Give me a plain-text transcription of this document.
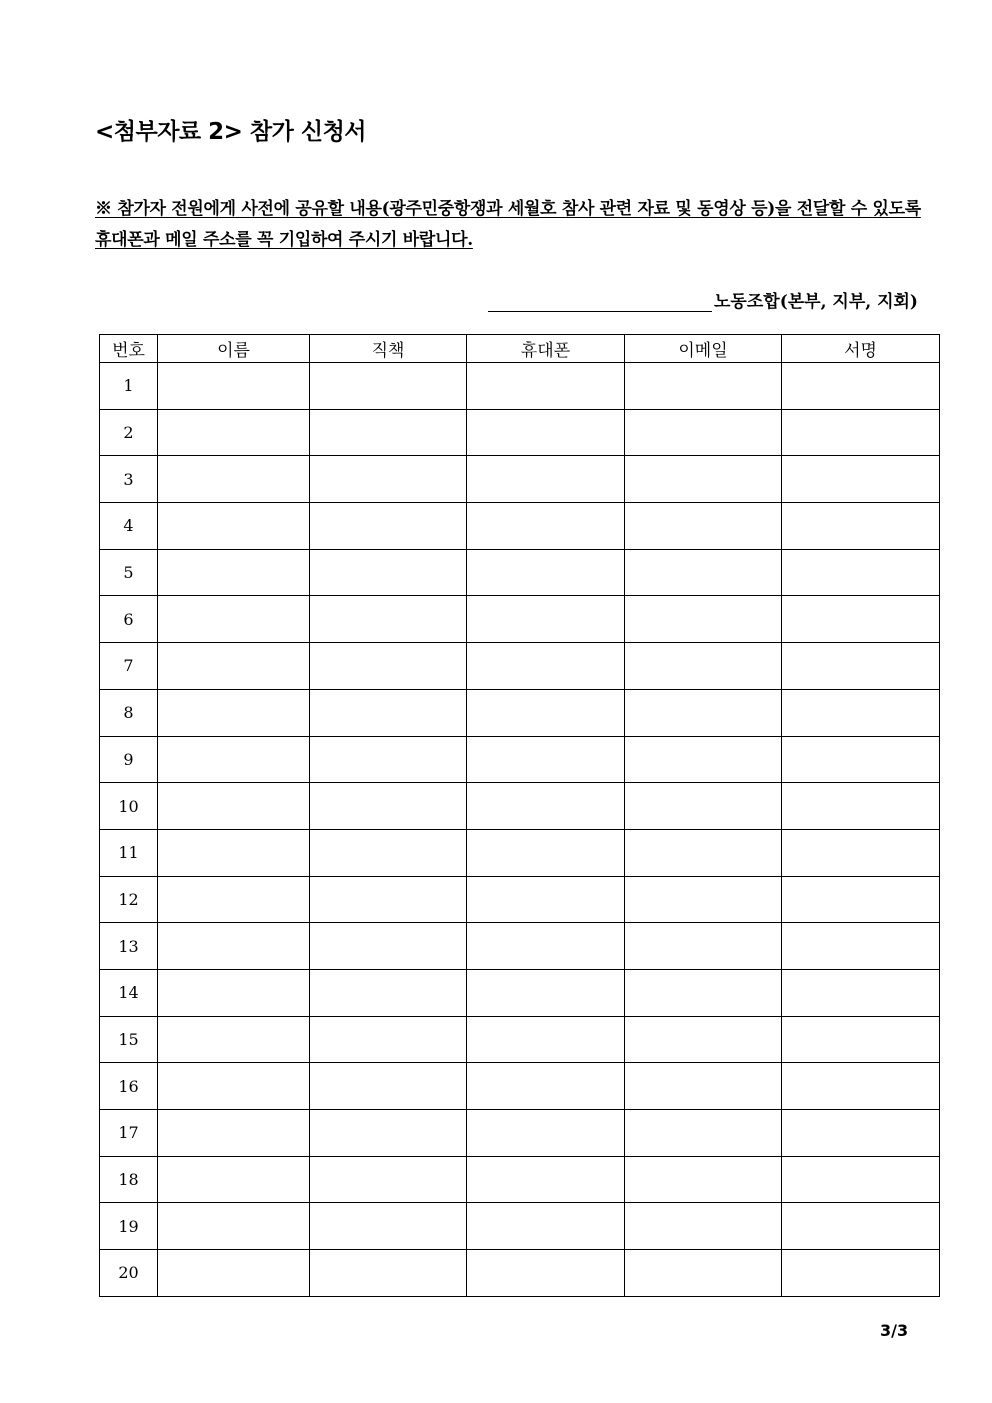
<첨부자료 2> 참가 신청서
※ 참가자 전원에게 사전에 공유할 내용(광주민중항쟁과 세월호 참사 관련 자료 및 동영상 등)을 전달할 수 있도록 휴대폰과 메일 주소를 꼭 기입하여 주시기 바랍니다.
노동조합(본부, 지부, 지회)
번호	이름	직책	휴대폰	이메일	서명
1					
2					
3					
4					
5					
6					
7					
8					
9					
10					
11					
12					
13					
14					
15					
16					
17					
18					
19					
20					
3/3
